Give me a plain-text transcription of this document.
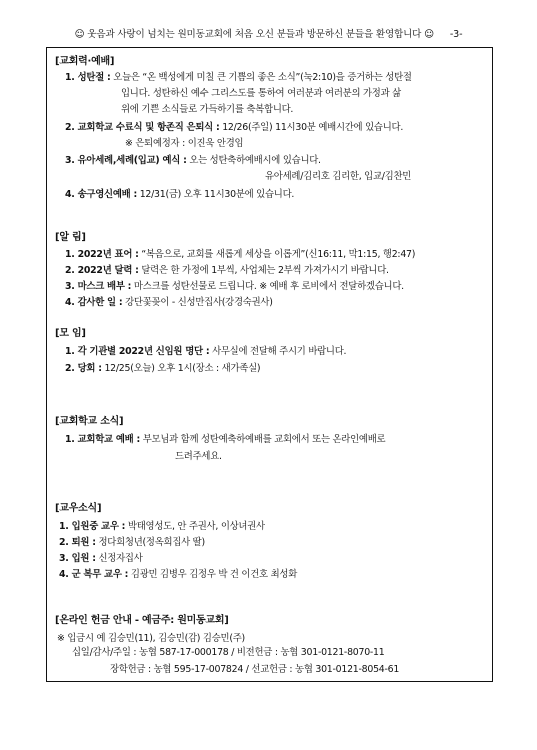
☺ 웃음과 사랑이 넘치는 원미동교회에 처음 오신 분들과 방문하신 분들을 환영합니다 ☺ -3-
[교회력·예배]
1. 성탄절 : 오늘은 “온 백성에게 미칠 큰 기쁨의 좋은 소식”(눅2:10)을 증거하는 성탄절
입니다. 성탄하신 예수 그리스도를 통하여 여러분과 여러분의 가정과 삶
위에 기쁜 소식들로 가득하기를 축복합니다.
2. 교회학교 수료식 및 항존직 은퇴식 : 12/26(주일) 11시30분 예배시간에 있습니다.
※ 은퇴예정자 : 이진욱 안경임
3. 유아세례,세례(입교) 예식 : 오는 성탄축하예배시에 있습니다.
유아세례/김리호 김리한, 입교/김찬민
4. 송구영신예배 : 12/31(금) 오후 11시30분에 있습니다.
[알 림]
1. 2022년 표어 : “복음으로, 교회를 새롭게 세상을 이롭게”(신16:11, 막1:15, 행2:47)
2. 2022년 달력 : 달력은 한 가정에 1부씩, 사업체는 2부씩 가져가시기 바랍니다.
3. 마스크 배부 : 마스크를 성탄선물로 드립니다. ※ 예배 후 로비에서 전달하겠습니다.
4. 감사한 일 : 강단꽃꽂이 - 신성만집사(강경숙권사)
[모 임]
1. 각 기관별 2022년 신임원 명단 : 사무실에 전달해 주시기 바랍니다.
2. 당회 : 12/25(오늘) 오후 1시(장소 : 새가족실)
[교회학교 소식]
1. 교회학교 예배 : 부모님과 함께 성탄예축하예배를 교회에서 또는 온라인예배로
드려주세요.
[교우소식]
1. 입원중 교우 : 박태영성도, 안 주권사, 이상녀권사
2. 퇴원 : 정다희청년(정옥희집사 딸)
3. 입원 : 신정자집사
4. 군 복무 교우 : 김광민 김병우 김정우 박 건 이건호 최성화
[온라인 헌금 안내 - 예금주: 원미동교회]
※ 입금시 예 김승민(11), 김승민(감) 김승민(주)
십일/감사/주일 : 농협 587-17-000178 / 비전헌금 : 농협 301-0121-8070-11
장학헌금 : 농협 595-17-007824 / 선교헌금 : 농협 301-0121-8054-61
